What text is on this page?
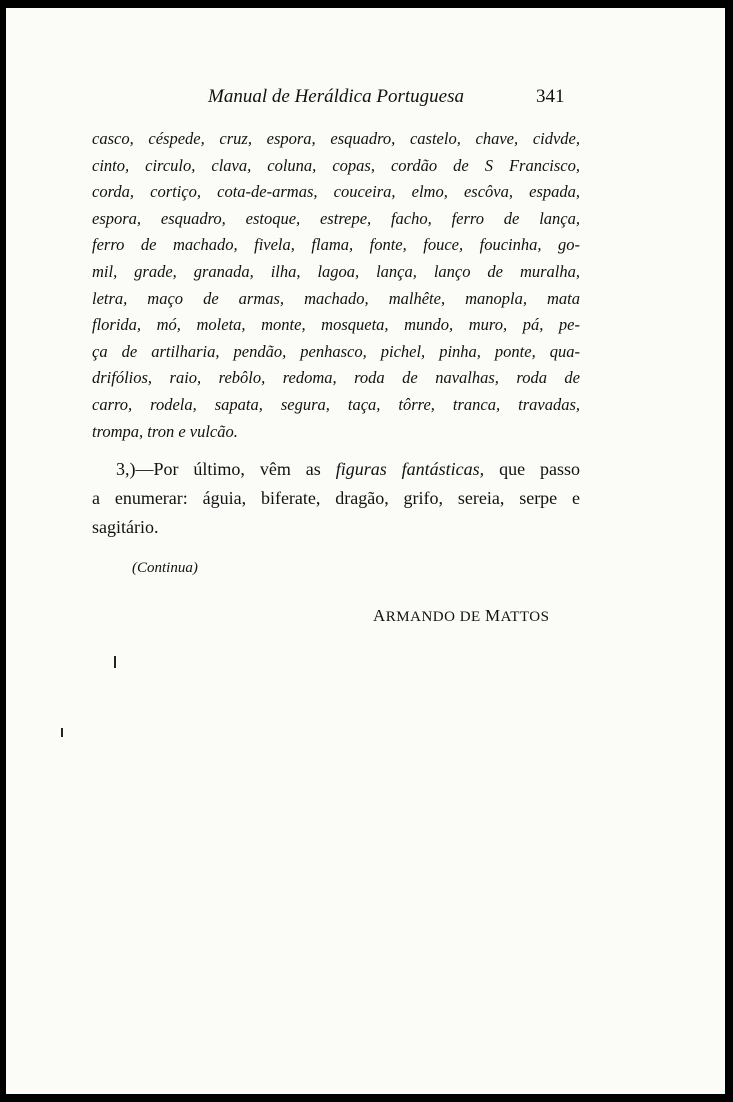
Manual de Heráldica Portuguesa	341
casco, céspede, cruz, espora, esquadro, castelo, chave, cidvde,
cinto, circulo, clava, coluna, copas, cordão de S Francisco,
corda, cortiço, cota-de-armas, couceira, elmo, escôva, espada,
espora, esquadro, estoque, estrepe, facho, ferro de lança,
ferro de machado, fivela, flama, fonte, fouce, foucinha, go-
mil, grade, granada, ilha, lagoa, lança, lanço de muralha,
letra, maço de armas, machado, malhête, manopla, mata
florida, mó, moleta, monte, mosqueta, mundo, muro, pá, pe-
ça de artilharia, pendão, penhasco, pichel, pinha, ponte, qua-
drifólios, raio, rebôlo, redoma, roda de navalhas, roda de
carro, rodela, sapata, segura, taça, tôrre, tranca, travadas,
trompa, tron e vulcão.
3,)—Por último, vêm as figuras fantásticas, que passo
a enumerar: águia, biferate, dragão, grifo, sereia, serpe e
sagitário.
(Continua)
ARMANDO DE MATTOS
